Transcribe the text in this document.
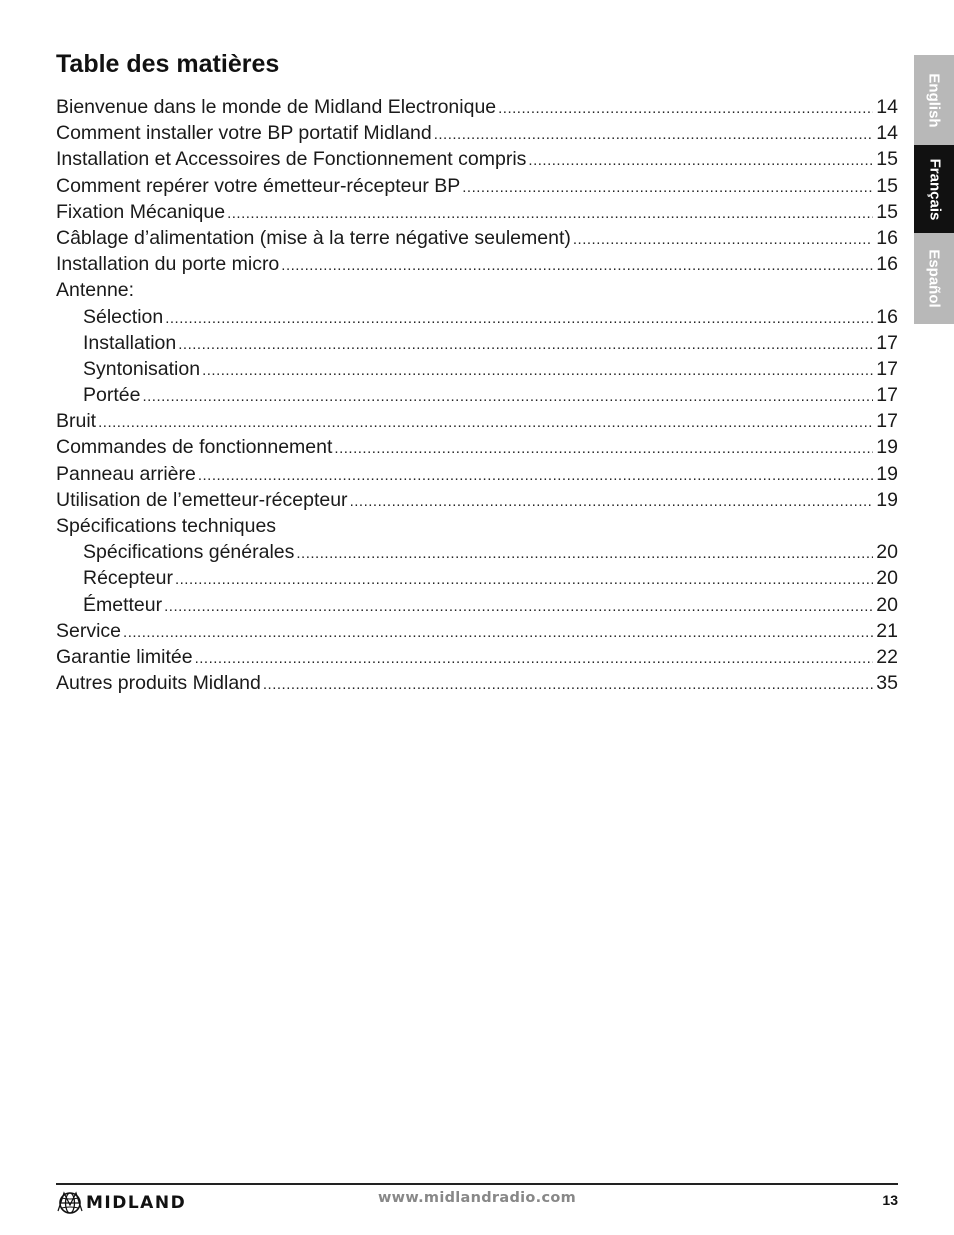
Table des matières
Bienvenue dans le monde de Midland Electronique .....	14
Comment installer votre BP portatif Midland .....	14
Installation et Accessoires de Fonctionnement compris .....	15
Comment repérer votre émetteur-récepteur BP .....	15
Fixation Mécanique .....	15
Câblage d’alimentation (mise à la terre négative seulement) .....	16
Installation du porte micro .....	16
Antenne:
Sélection .....	16
Installation .....	17
Syntonisation .....	17
Portée .....	17
Bruit .....	17
Commandes de fonctionnement .....	19
Panneau arrière .....	19
Utilisation de l’emetteur-récepteur .....	19
Spécifications techniques
Spécifications générales .....	20
Récepteur .....	20
Émetteur .....	20
Service .....	21
Garantie limitée .....	22
Autres produits Midland .....	35
English
Français
Español
MIDLAND	www.midlandradio.com	13
